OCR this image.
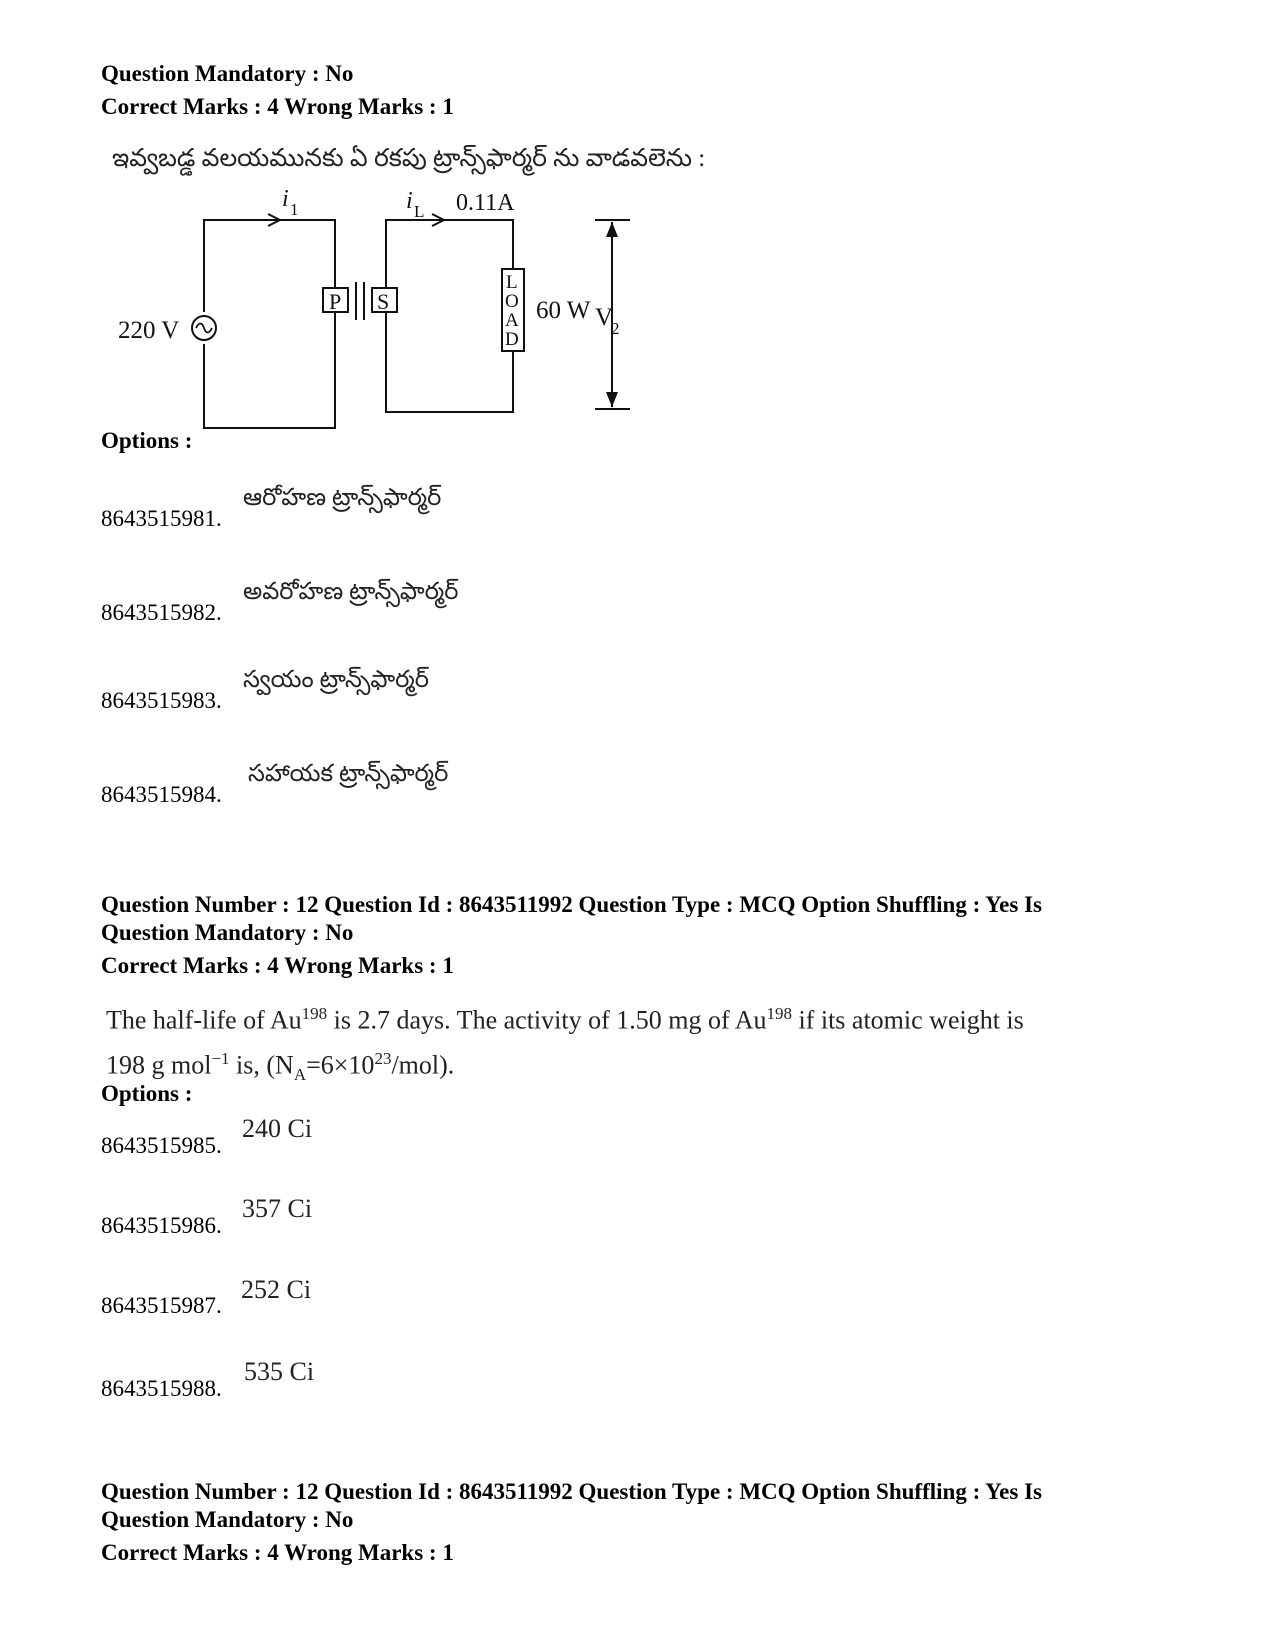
Question Mandatory : No
Correct Marks : 4 Wrong Marks : 1
ఇవ్వబడ్డ వలయమునకు ఏ రకపు ట్రాన్స్‌ఫార్మర్ ను వాడవలెను :
220 V
i 1
P S
i L 0.11A
L
O
A
D
60 W V
2
Options :
8643515981.
ఆరోహణ ట్రాన్స్‌ఫార్మర్
8643515982.
అవరోహణ ట్రాన్స్‌ఫార్మర్
8643515983.
స్వయం ట్రాన్స్‌ఫార్మర్
8643515984.
సహాయక ట్రాన్స్‌ఫార్మర్
Question Number : 12 Question Id : 8643511992 Question Type : MCQ Option Shuffling : Yes Is
Question Mandatory : No
Correct Marks : 4 Wrong Marks : 1
The half-life of Au$^{198}$ is 2.7 days. The activity of 1.50 mg of Au$^{198}$ if its atomic weight is
198 g mol$^{-1}$ is, $(N_A=6\times 10^{23}/mol)$.
Options :
8643515985.
240 Ci
8643515986.
357 Ci
8643515987.
252 Ci
8643515988.
535 Ci
Question Number : 12 Question Id : 8643511992 Question Type : MCQ Option Shuffling : Yes Is
Question Mandatory : No
Correct Marks : 4 Wrong Marks : 1
